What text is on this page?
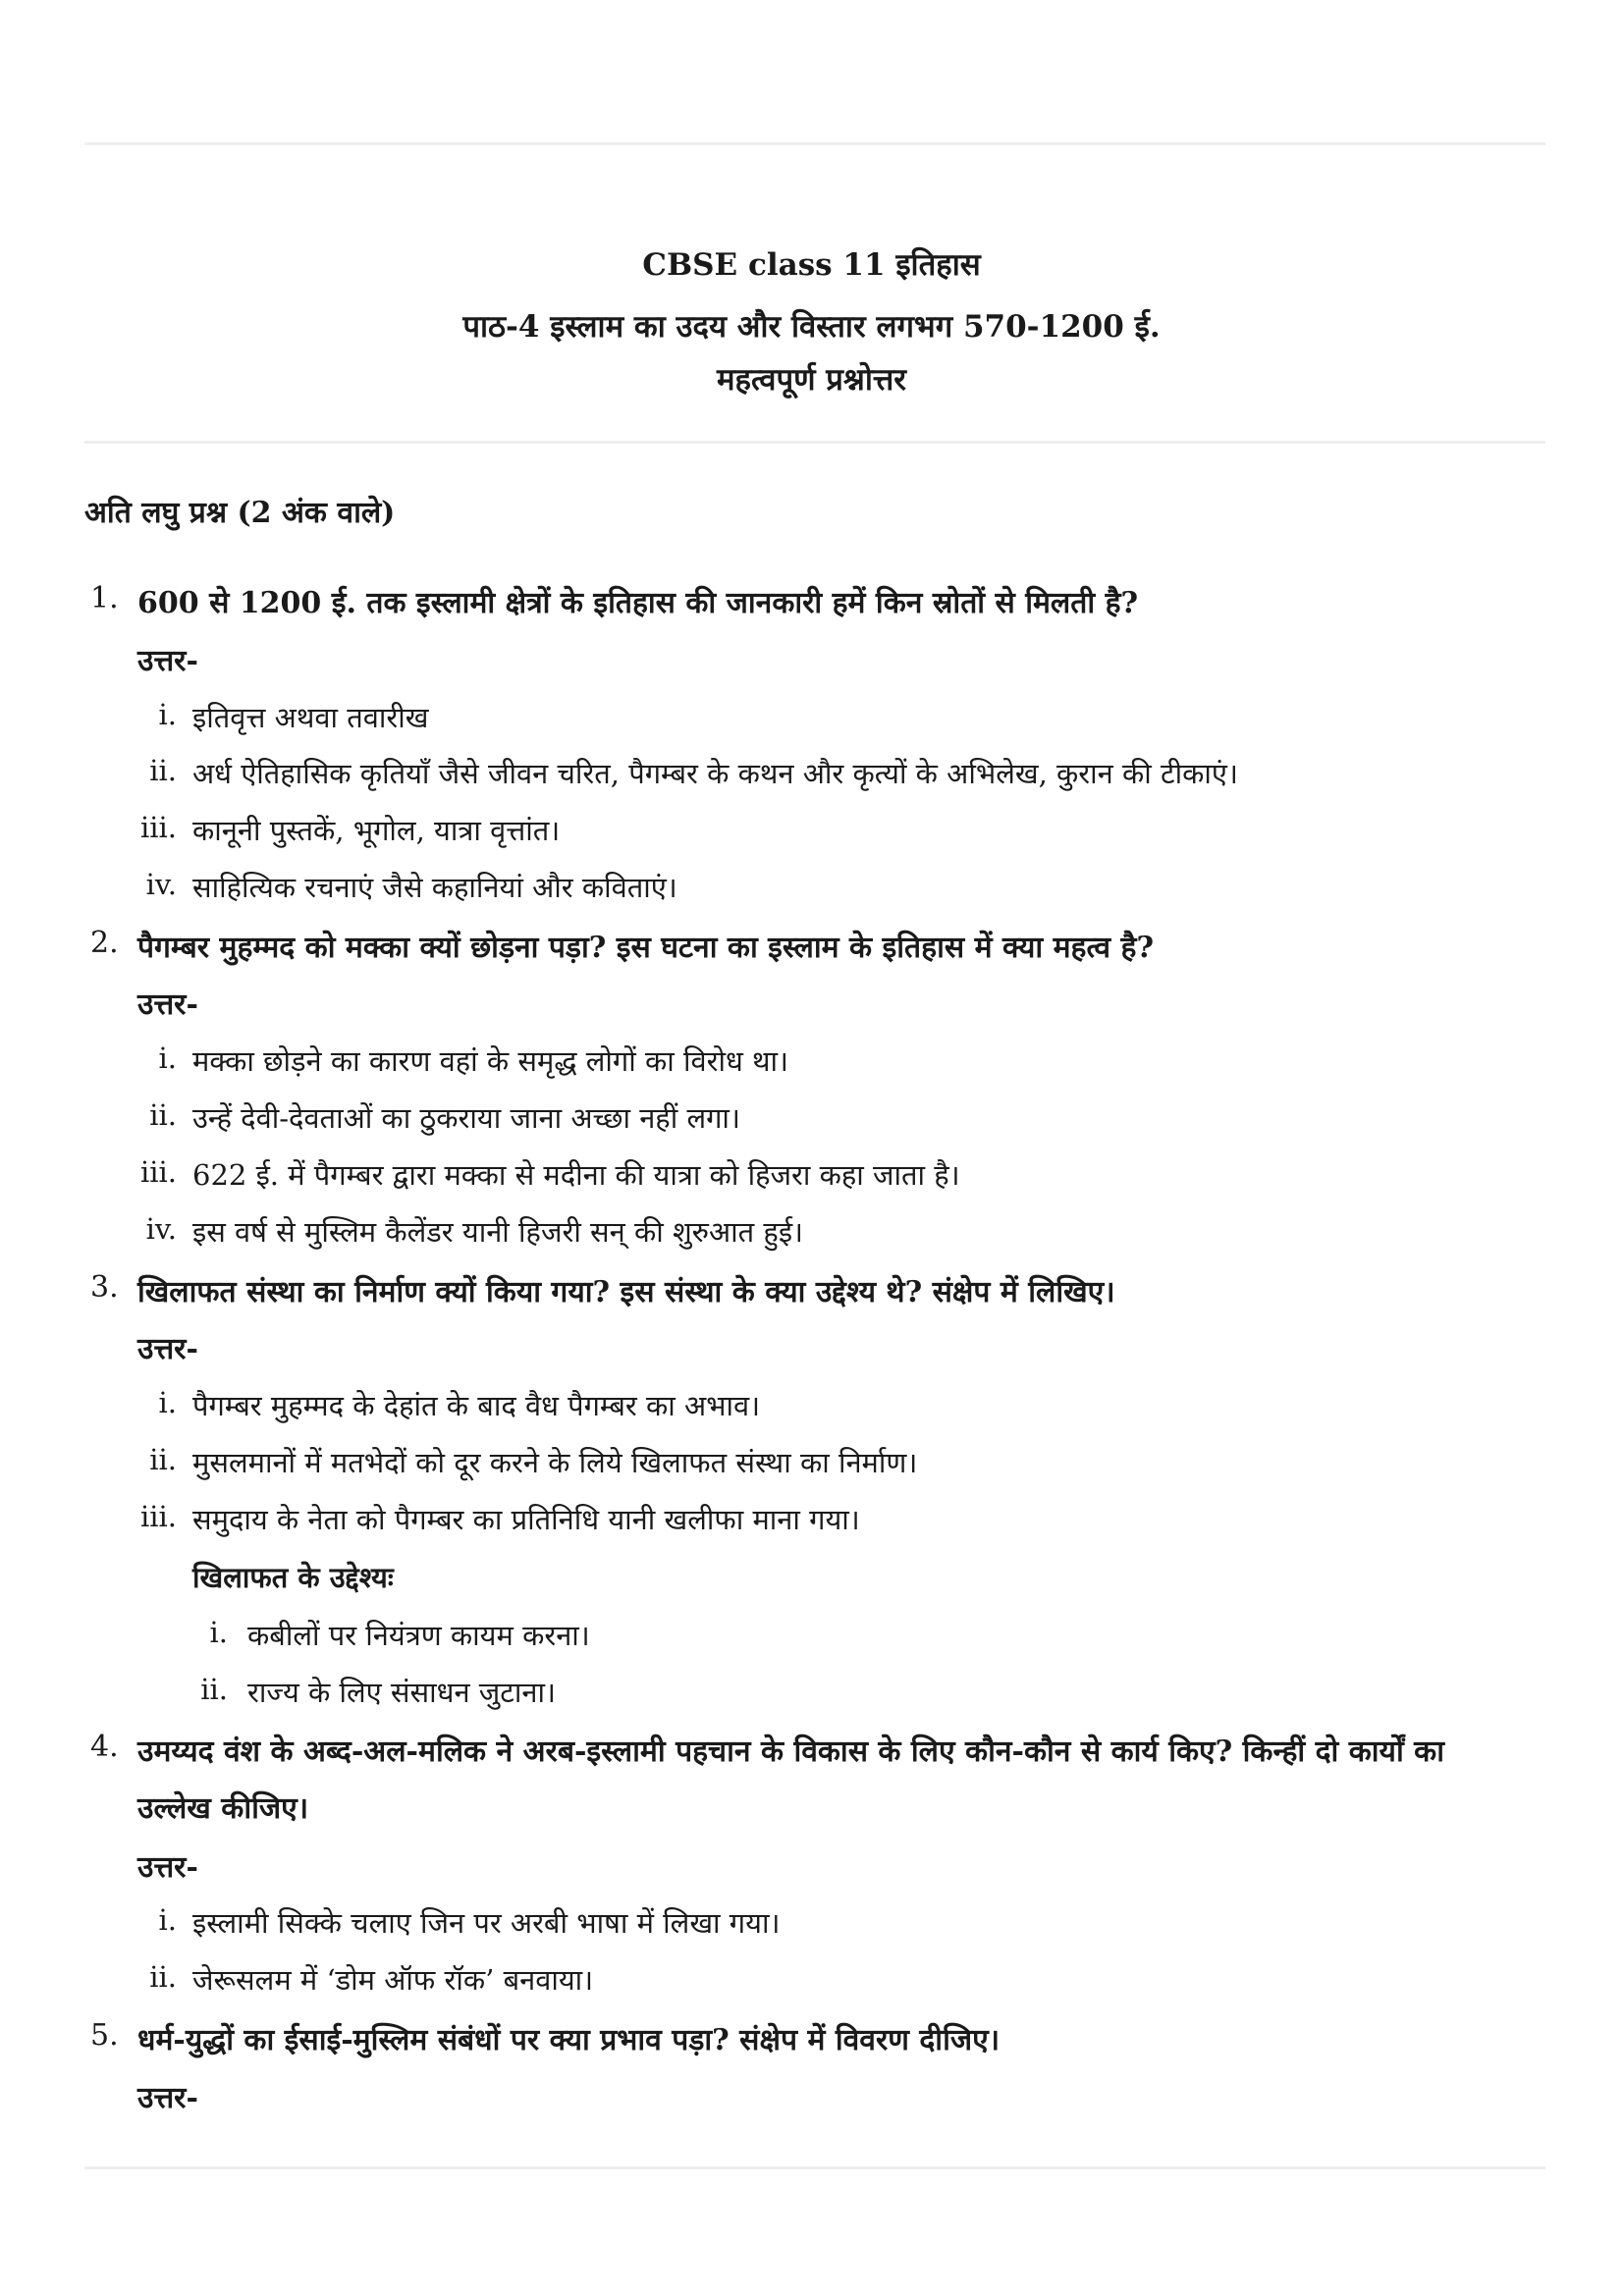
CBSE class 11 इतिहास
पाठ-4 इस्लाम का उदय और विस्तार लगभग 570-1200 ई.
महत्वपूर्ण प्रश्नोत्तर
अति लघु प्रश्न (2 अंक वाले)
1. 600 से 1200 ई. तक इस्लामी क्षेत्रों के इतिहास की जानकारी हमें किन स्रोतों से मिलती है?
उत्तर-
i. इतिवृत्त अथवा तवारीख
ii. अर्ध ऐतिहासिक कृतियाँ जैसे जीवन चरित, पैगम्बर के कथन और कृत्यों के अभिलेख, कुरान की टीकाएं।
iii. कानूनी पुस्तकें, भूगोल, यात्रा वृत्तांत।
iv. साहित्यिक रचनाएं जैसे कहानियां और कविताएं।
2. पैगम्बर मुहम्मद को मक्का क्यों छोड़ना पड़ा? इस घटना का इस्लाम के इतिहास में क्या महत्व है?
उत्तर-
i. मक्का छोड़ने का कारण वहां के समृद्ध लोगों का विरोध था।
ii. उन्हें देवी-देवताओं का ठुकराया जाना अच्छा नहीं लगा।
iii. 622 ई. में पैगम्बर द्वारा मक्का से मदीना की यात्रा को हिजरा कहा जाता है।
iv. इस वर्ष से मुस्लिम कैलेंडर यानी हिजरी सन् की शुरुआत हुई।
3. खिलाफत संस्था का निर्माण क्यों किया गया? इस संस्था के क्या उद्देश्य थे? संक्षेप में लिखिए।
उत्तर-
i. पैगम्बर मुहम्मद के देहांत के बाद वैध पैगम्बर का अभाव।
ii. मुसलमानों में मतभेदों को दूर करने के लिये खिलाफत संस्था का निर्माण।
iii. समुदाय के नेता को पैगम्बर का प्रतिनिधि यानी खलीफा माना गया।
खिलाफत के उद्देश्यः
i. कबीलों पर नियंत्रण कायम करना।
ii. राज्य के लिए संसाधन जुटाना।
4. उमय्यद वंश के अब्द-अल-मलिक ने अरब-इस्लामी पहचान के विकास के लिए कौन-कौन से कार्य किए? किन्हीं दो कार्यों का
उल्लेख कीजिए।
उत्तर-
i. इस्लामी सिक्के चलाए जिन पर अरबी भाषा में लिखा गया।
ii. जेरूसलम में ‘डोम ऑफ रॉक’ बनवाया।
5. धर्म-युद्धों का ईसाई-मुस्लिम संबंधों पर क्या प्रभाव पड़ा? संक्षेप में विवरण दीजिए।
उत्तर-
